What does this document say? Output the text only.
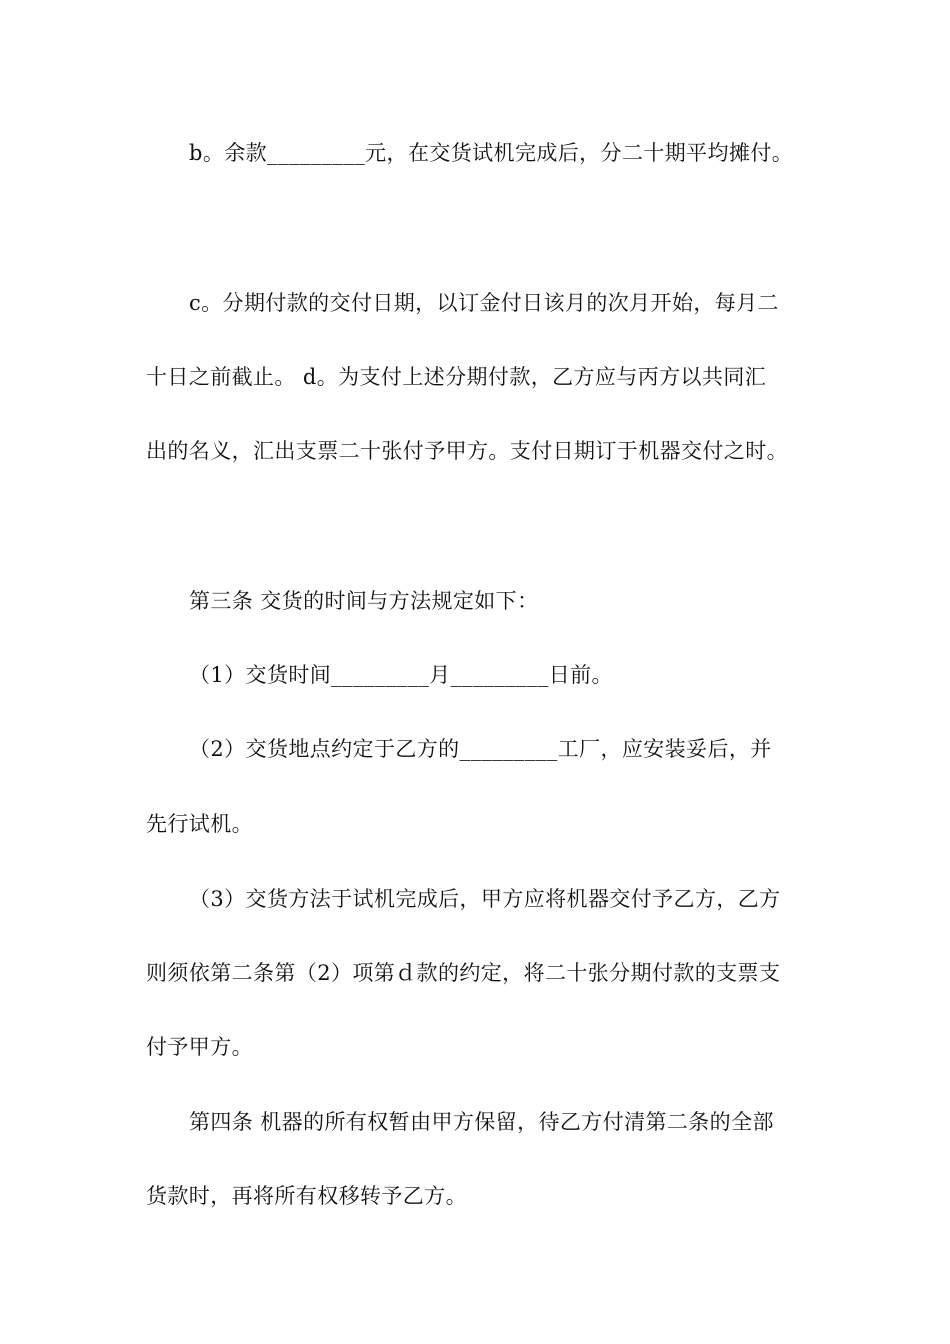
b。余款_________元，在交货试机完成后，分二十期平均摊付。
c。分期付款的交付日期，以订金付日该月的次月开始，每月二
十日之前截止。 d。为支付上述分期付款，乙方应与丙方以共同汇
出的名义，汇出支票二十张付予甲方。支付日期订于机器交付之时。
第三条 交货的时间与方法规定如下：
（1）交货时间_________月_________日前。
（2）交货地点约定于乙方的_________工厂，应安装妥后，并
先行试机。
（3）交货方法于试机完成后，甲方应将机器交付予乙方，乙方
则须依第二条第（2）项第ｄ款的约定，将二十张分期付款的支票支
付予甲方。
第四条 机器的所有权暂由甲方保留，待乙方付清第二条的全部
货款时，再将所有权移转予乙方。
